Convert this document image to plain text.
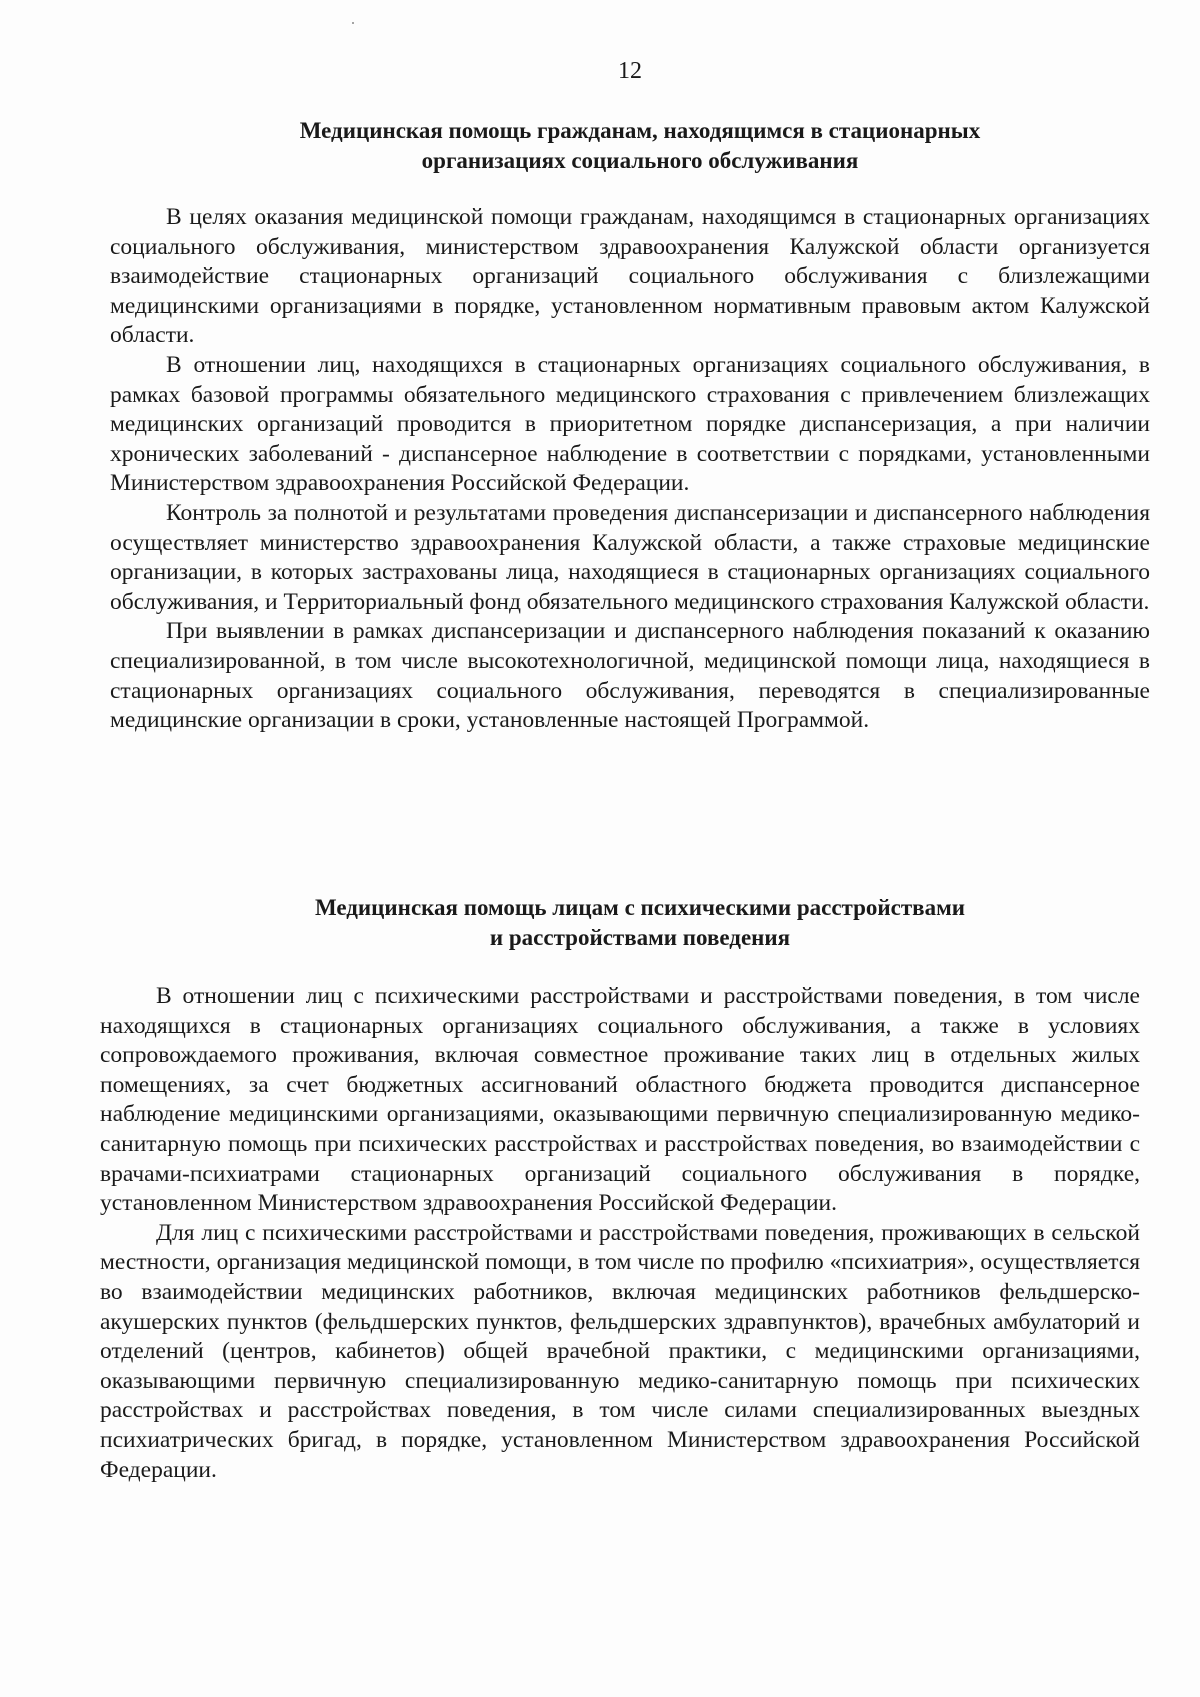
12
Медицинская помощь гражданам, находящимся в стационарных
организациях социального обслуживания

В целях оказания медицинской помощи гражданам, находящимся в стационарных организациях социального обслуживания, министерством здравоохранения Калужской области организуется взаимодействие стационарных организаций социального обслуживания с близлежащими медицинскими организациями в порядке, установленном нормативным правовым актом Калужской области.

В отношении лиц, находящихся в стационарных организациях социального обслуживания, в рамках базовой программы обязательного медицинского страхования с привлечением близлежащих медицинских организаций проводится в приоритетном порядке диспансеризация, а при наличии хронических заболеваний - диспансерное наблюдение в соответствии с порядками, установленными Министерством здравоохранения Российской Федерации.

Контроль за полнотой и результатами проведения диспансеризации и диспансерного наблюдения осуществляет министерство здравоохранения Калужской области, а также страховые медицинские организации, в которых застрахованы лица, находящиеся в стационарных организациях социального обслуживания, и Территориальный фонд обязательного медицинского страхования Калужской области.

При выявлении в рамках диспансеризации и диспансерного наблюдения показаний к оказанию специализированной, в том числе высокотехнологичной, медицинской помощи лица, находящиеся в стационарных организациях социального обслуживания, переводятся в специализированные медицинские организации в сроки, установленные настоящей Программой.

Медицинская помощь лицам с психическими расстройствами
и расстройствами поведения

В отношении лиц с психическими расстройствами и расстройствами поведения, в том числе находящихся в стационарных организациях социального обслуживания, а также в условиях сопровождаемого проживания, включая совместное проживание таких лиц в отдельных жилых помещениях, за счет бюджетных ассигнований областного бюджета проводится диспансерное наблюдение медицинскими организациями, оказывающими первичную специализированную медико-санитарную помощь при психических расстройствах и расстройствах поведения, во взаимодействии с врачами-психиатрами стационарных организаций социального обслуживания в порядке, установленном Министерством здравоохранения Российской Федерации.

Для лиц с психическими расстройствами и расстройствами поведения, проживающих в сельской местности, организация медицинской помощи, в том числе по профилю «психиатрия», осуществляется во взаимодействии медицинских работников, включая медицинских работников фельдшерско-акушерских пунктов (фельдшерских пунктов, фельдшерских здравпунктов), врачебных амбулаторий и отделений (центров, кабинетов) общей врачебной практики, с медицинскими организациями, оказывающими первичную специализированную медико-санитарную помощь при психических расстройствах и расстройствах поведения, в том числе силами специализированных выездных психиатрических бригад, в порядке, установленном Министерством здравоохранения Российской Федерации.
